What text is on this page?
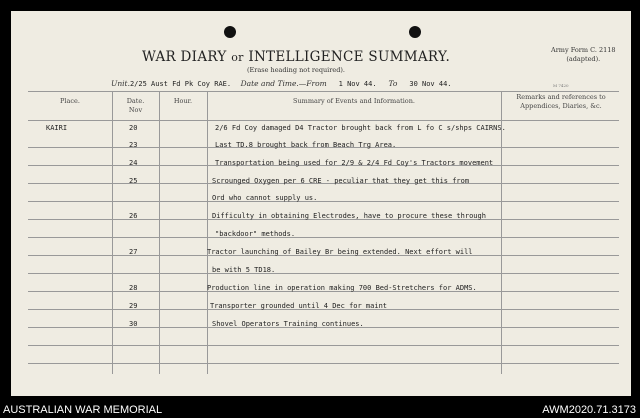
WAR DIARY or INTELLIGENCE SUMMARY.
(Erase heading not required).
Army Form C. 2118
(adapted).
Unit.2/25 Aust Fd Pk Coy RAE. Date and Time.—From 1 Nov 44. To 30 Nov 44.	M 7420
Place.	Date.
Nov
Hour.	Summary of Events and Information.	Remarks and references to Appendices, Diaries, &c.
KAIRI	20	2/6 Fd Coy damaged D4 Tractor brought back from L fo C s/shps CAIRNS.
23	Last TD.8 brought back from Beach Trg Area.
24	Transportation being used for 2/9 & 2/4 Fd Coy's Tractors movement
25	Scrounged Oxygen per 6 CRE - peculiar that they get this from
Ord who cannot supply us.
26	Difficulty in obtaining Electrodes, have to procure these through
"backdoor" methods.
27	Tractor launching of Bailey Br being extended. Next effort will
be with 5 TD18.
28	Production line in operation making 700 Bed-Stretchers for ADMS.
29	Transporter grounded until 4 Dec for maint
30	Shovel Operators Training continues.
AUSTRALIAN WAR MEMORIAL	AWM2020.71.3173
